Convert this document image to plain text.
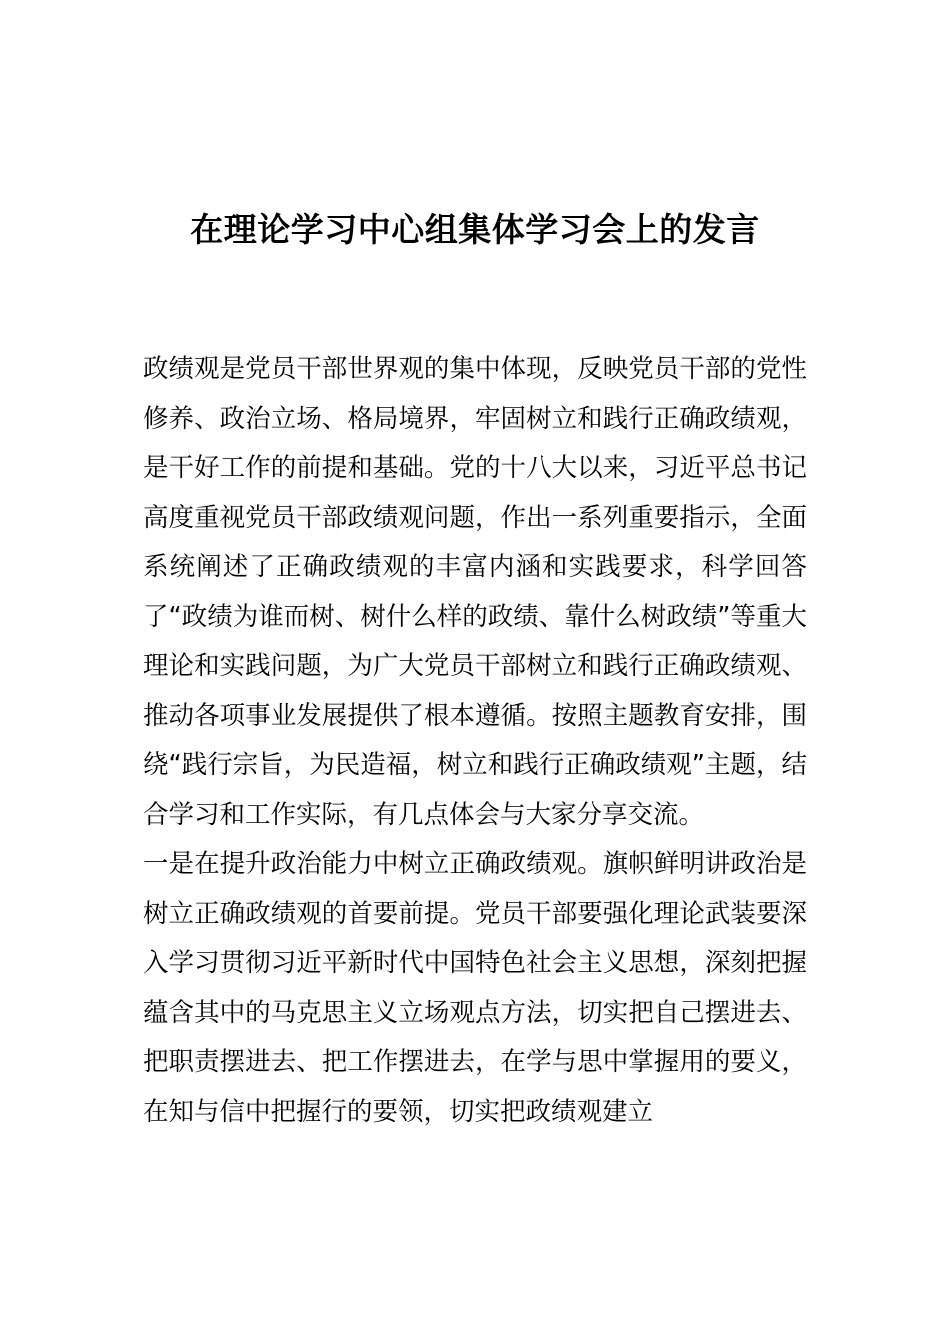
在理论学习中心组集体学习会上的发言

政绩观是党员干部世界观的集中体现，反映党员干部的党性修养、政治立场、格局境界，牢固树立和践行正确政绩观，是干好工作的前提和基础。党的十八大以来，习近平总书记高度重视党员干部政绩观问题，作出一系列重要指示，全面系统阐述了正确政绩观的丰富内涵和实践要求，科学回答了“政绩为谁而树、树什么样的政绩、靠什么树政绩”等重大理论和实践问题，为广大党员干部树立和践行正确政绩观、推动各项事业发展提供了根本遵循。按照主题教育安排，围绕“践行宗旨，为民造福，树立和践行正确政绩观”主题，结合学习和工作实际，有几点体会与大家分享交流。

一是在提升政治能力中树立正确政绩观。旗帜鲜明讲政治是树立正确政绩观的首要前提。党员干部要强化理论武装要深入学习贯彻习近平新时代中国特色社会主义思想，深刻把握蕴含其中的马克思主义立场观点方法，切实把自己摆进去、把职责摆进去、把工作摆进去，在学与思中掌握用的要义，在知与信中把握行的要领，切实把政绩观建立
